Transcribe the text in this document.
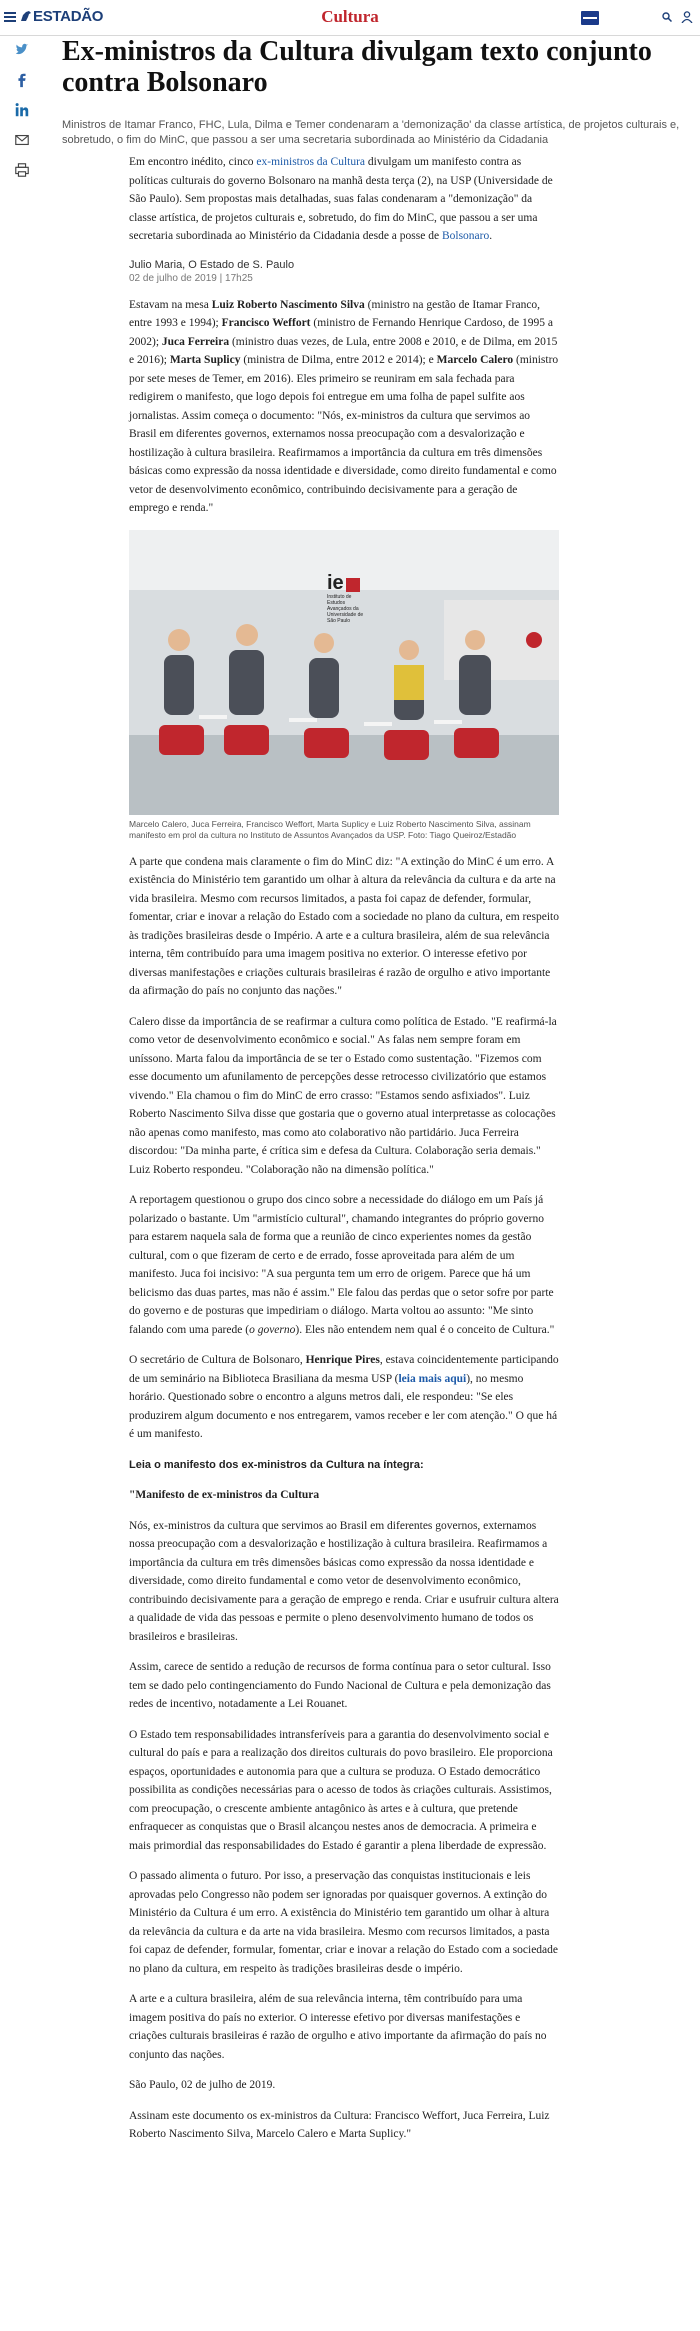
ESTADÃO	Cultura
Ex-ministros da Cultura divulgam texto conjunto contra Bolsonaro
Ministros de Itamar Franco, FHC, Lula, Dilma e Temer condenaram a 'demonização' da classe artística, de projetos culturais e, sobretudo, o fim do MinC, que passou a ser uma secretaria subordinada ao Ministério da Cidadania

Em encontro inédito, cinco ex-ministros da Cultura divulgam um manifesto contra as políticas culturais do governo Bolsonaro na manhã desta terça (2), na USP (Universidade de São Paulo). Sem propostas mais detalhadas, suas falas condenaram a "demonização" da classe artística, de projetos culturais e, sobretudo, do fim do MinC, que passou a ser uma secretaria subordinada ao Ministério da Cidadania desde a posse de Bolsonaro.

Julio Maria, O Estado de S. Paulo
02 de julho de 2019 | 17h25

Estavam na mesa Luiz Roberto Nascimento Silva (ministro na gestão de Itamar Franco, entre 1993 e 1994); Francisco Weffort (ministro de Fernando Henrique Cardoso, de 1995 a 2002); Juca Ferreira (ministro duas vezes, de Lula, entre 2008 e 2010, e de Dilma, em 2015 e 2016); Marta Suplicy (ministra de Dilma, entre 2012 e 2014); e Marcelo Calero (ministro por sete meses de Temer, em 2016). Eles primeiro se reuniram em sala fechada para redigirem o manifesto, que logo depois foi entregue em uma folha de papel sulfite aos jornalistas. Assim começa o documento: "Nós, ex-ministros da cultura que servimos ao Brasil em diferentes governos, externamos nossa preocupação com a desvalorização e hostilização à cultura brasileira. Reafirmamos a importância da cultura em três dimensões básicas como expressão da nossa identidade e diversidade, como direito fundamental e como vetor de desenvolvimento econômico, contribuindo decisivamente para a geração de emprego e renda."

ie
Instituto de Estudos Avançados da Universidade de São Paulo
Marcelo Calero, Juca Ferreira, Francisco Weffort, Marta Suplicy e Luiz Roberto Nascimento Silva, assinam manifesto em prol da cultura no Instituto de Assuntos Avançados da USP. Foto: Tiago Queiroz/Estadão

A parte que condena mais claramente o fim do MinC diz: "A extinção do MinC é um erro. A existência do Ministério tem garantido um olhar à altura da relevância da cultura e da arte na vida brasileira. Mesmo com recursos limitados, a pasta foi capaz de defender, formular, fomentar, criar e inovar a relação do Estado com a sociedade no plano da cultura, em respeito às tradições brasileiras desde o Império. A arte e a cultura brasileira, além de sua relevância interna, têm contribuído para uma imagem positiva no exterior. O interesse efetivo por diversas manifestações e criações culturais brasileiras é razão de orgulho e ativo importante da afirmação do país no conjunto das nações."

Calero disse da importância de se reafirmar a cultura como política de Estado. "E reafirmá-la como vetor de desenvolvimento econômico e social." As falas nem sempre foram em uníssono. Marta falou da importância de se ter o Estado como sustentação. "Fizemos com esse documento um afunilamento de percepções desse retrocesso civilizatório que estamos vivendo." Ela chamou o fim do MinC de erro crasso: "Estamos sendo asfixiados". Luiz Roberto Nascimento Silva disse que gostaria que o governo atual interpretasse as colocações não apenas como manifesto, mas como ato colaborativo não partidário. Juca Ferreira discordou: "Da minha parte, é crítica sim e defesa da Cultura. Colaboração seria demais." Luiz Roberto respondeu. "Colaboração não na dimensão política."

A reportagem questionou o grupo dos cinco sobre a necessidade do diálogo em um País já polarizado o bastante. Um "armistício cultural", chamando integrantes do próprio governo para estarem naquela sala de forma que a reunião de cinco experientes nomes da gestão cultural, com o que fizeram de certo e de errado, fosse aproveitada para além de um manifesto. Juca foi incisivo: "A sua pergunta tem um erro de origem. Parece que há um belicismo das duas partes, mas não é assim." Ele falou das perdas que o setor sofre por parte do governo e de posturas que impediriam o diálogo. Marta voltou ao assunto: "Me sinto falando com uma parede (o governo). Eles não entendem nem qual é o conceito de Cultura."

O secretário de Cultura de Bolsonaro, Henrique Pires, estava coincidentemente participando de um seminário na Biblioteca Brasiliana da mesma USP (leia mais aqui), no mesmo horário. Questionado sobre o encontro a alguns metros dali, ele respondeu: "Se eles produzirem algum documento e nos entregarem, vamos receber e ler com atenção." O que há é um manifesto.

Leia o manifesto dos ex-ministros da Cultura na íntegra:

"Manifesto de ex-ministros da Cultura

Nós, ex-ministros da cultura que servimos ao Brasil em diferentes governos, externamos nossa preocupação com a desvalorização e hostilização à cultura brasileira. Reafirmamos a importância da cultura em três dimensões básicas como expressão da nossa identidade e diversidade, como direito fundamental e como vetor de desenvolvimento econômico, contribuindo decisivamente para a geração de emprego e renda. Criar e usufruir cultura altera a qualidade de vida das pessoas e permite o pleno desenvolvimento humano de todos os brasileiros e brasileiras.

Assim, carece de sentido a redução de recursos de forma contínua para o setor cultural. Isso tem se dado pelo contingenciamento do Fundo Nacional de Cultura e pela demonização das redes de incentivo, notadamente a Lei Rouanet.

O Estado tem responsabilidades intransferíveis para a garantia do desenvolvimento social e cultural do país e para a realização dos direitos culturais do povo brasileiro. Ele proporciona espaços, oportunidades e autonomia para que a cultura se produza. O Estado democrático possibilita as condições necessárias para o acesso de todos às criações culturais. Assistimos, com preocupação, o crescente ambiente antagônico às artes e à cultura, que pretende enfraquecer as conquistas que o Brasil alcançou nestes anos de democracia. A primeira e mais primordial das responsabilidades do Estado é garantir a plena liberdade de expressão.

O passado alimenta o futuro. Por isso, a preservação das conquistas institucionais e leis aprovadas pelo Congresso não podem ser ignoradas por quaisquer governos. A extinção do Ministério da Cultura é um erro. A existência do Ministério tem garantido um olhar à altura da relevância da cultura e da arte na vida brasileira. Mesmo com recursos limitados, a pasta foi capaz de defender, formular, fomentar, criar e inovar a relação do Estado com a sociedade no plano da cultura, em respeito às tradições brasileiras desde o império.

A arte e a cultura brasileira, além de sua relevância interna, têm contribuído para uma imagem positiva do país no exterior. O interesse efetivo por diversas manifestações e criações culturais brasileiras é razão de orgulho e ativo importante da afirmação do país no conjunto das nações.

São Paulo, 02 de julho de 2019.

Assinam este documento os ex-ministros da Cultura: Francisco Weffort, Juca Ferreira, Luiz Roberto Nascimento Silva, Marcelo Calero e Marta Suplicy."
